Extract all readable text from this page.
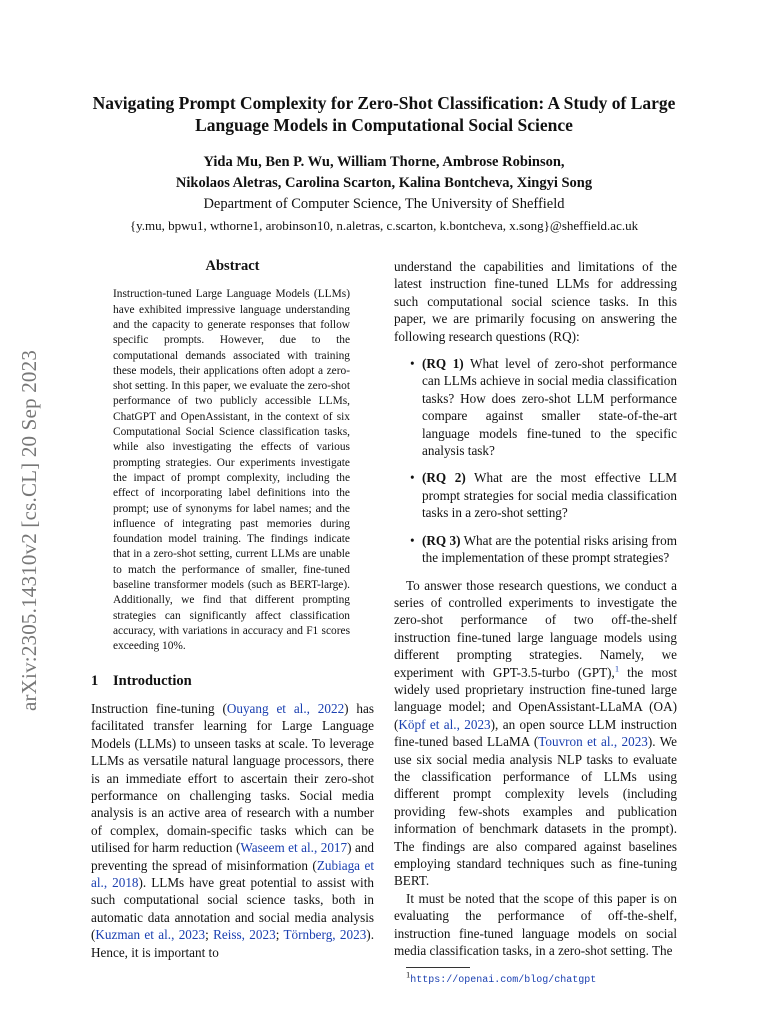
arXiv:2305.14310v2 [cs.CL] 20 Sep 2023
Navigating Prompt Complexity for Zero-Shot Classification: A Study of Large Language Models in Computational Social Science
Yida Mu, Ben P. Wu, William Thorne, Ambrose Robinson,
Nikolaos Aletras, Carolina Scarton, Kalina Bontcheva, Xingyi Song
Department of Computer Science, The University of Sheffield
{y.mu, bpwu1, wthorne1, arobinson10, n.aletras, c.scarton, k.bontcheva, x.song}@sheffield.ac.uk
Abstract
Instruction-tuned Large Language Models (LLMs) have exhibited impressive language understanding and the capacity to generate responses that follow specific prompts. However, due to the computational demands associated with training these models, their applications often adopt a zero-shot setting. In this paper, we evaluate the zero-shot performance of two publicly accessible LLMs, ChatGPT and OpenAssistant, in the context of six Computational Social Science classification tasks, while also investigating the effects of various prompting strategies. Our experiments investigate the impact of prompt complexity, including the effect of incorporating label definitions into the prompt; use of synonyms for label names; and the influence of integrating past memories during foundation model training. The findings indicate that in a zero-shot setting, current LLMs are unable to match the performance of smaller, fine-tuned baseline transformer models (such as BERT-large). Additionally, we find that different prompting strategies can significantly affect classification accuracy, with variations in accuracy and F1 scores exceeding 10%.
1 Introduction

Instruction fine-tuning (Ouyang et al., 2022) has facilitated transfer learning for Large Language Models (LLMs) to unseen tasks at scale. To leverage LLMs as versatile natural language processors, there is an immediate effort to ascertain their zero-shot performance on challenging tasks. Social media analysis is an active area of research with a number of complex, domain-specific tasks which can be utilised for harm reduction (Waseem et al., 2017) and preventing the spread of misinformation (Zubiaga et al., 2018). LLMs have great potential to assist with such computational social science tasks, both in automatic data annotation and social media analysis (Kuzman et al., 2023; Reiss, 2023; Törnberg, 2023). Hence, it is important to

understand the capabilities and limitations of the latest instruction fine-tuned LLMs for addressing such computational social science tasks. In this paper, we are primarily focusing on answering the following research questions (RQ):

• (RQ 1) What level of zero-shot performance can LLMs achieve in social media classification tasks? How does zero-shot LLM performance compare against smaller state-of-the-art language models fine-tuned to the specific analysis task?
• (RQ 2) What are the most effective LLM prompt strategies for social media classification tasks in a zero-shot setting?
• (RQ 3) What are the potential risks arising from the implementation of these prompt strategies?

To answer those research questions, we conduct a series of controlled experiments to investigate the zero-shot performance of two off-the-shelf instruction fine-tuned large language models using different prompting strategies. Namely, we experiment with GPT-3.5-turbo (GPT),$^1$ the most widely used proprietary instruction fine-tuned large language model; and OpenAssistant-LLaMA (OA) (Köpf et al., 2023), an open source LLM instruction fine-tuned based LLaMA (Touvron et al., 2023). We use six social media analysis NLP tasks to evaluate the classification performance of LLMs using different prompt complexity levels (including providing few-shots examples and publication information of benchmark datasets in the prompt). The findings are also compared against baselines employing standard techniques such as fine-tuning BERT.

It must be noted that the scope of this paper is on evaluating the performance of off-the-shelf, instruction fine-tuned language models on social media classification tasks, in a zero-shot setting. The

$^1$https://openai.com/blog/chatgpt
